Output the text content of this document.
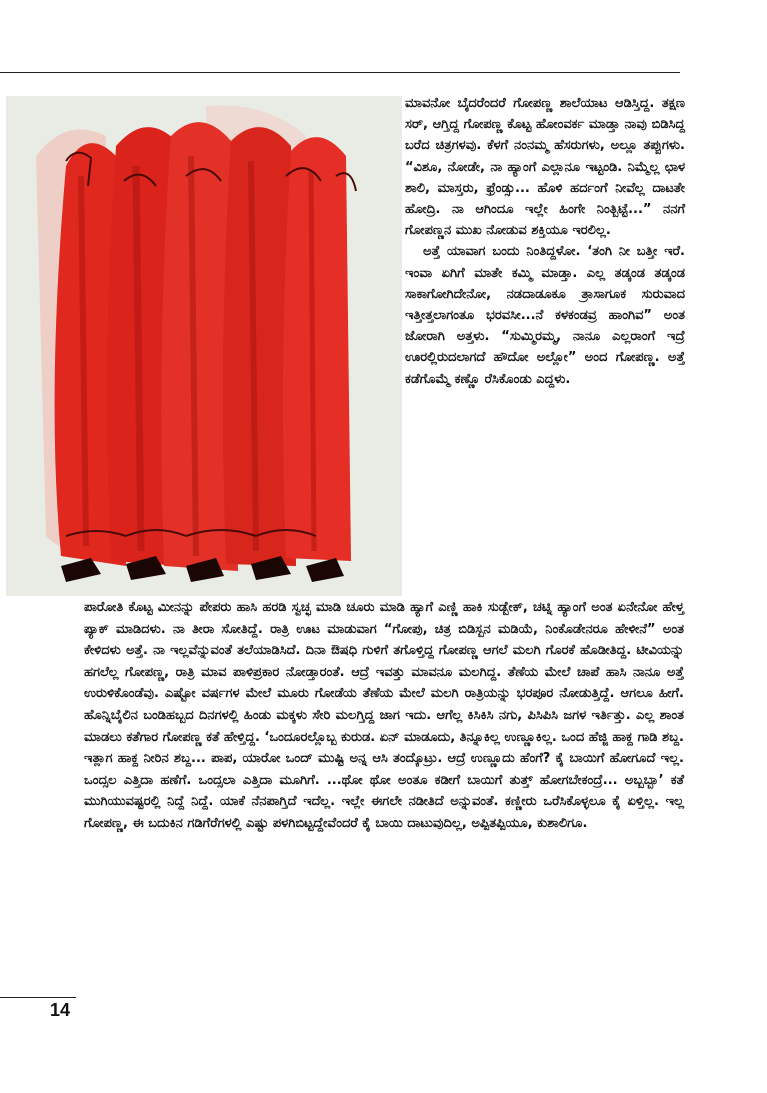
ಮಾವನೋ ಬೈದರೆಂದರೆ ಗೋಪಣ್ಣ ಶಾಲೆಯಾಟ ಆಡಿಸ್ತಿದ್ದ. ತಕ್ಷಣ ಸರ್, ಆಗ್ತಿದ್ದ ಗೋಪಣ್ಣ ಕೊಟ್ಟ ಹೋಂವರ್ಕ ಮಾಡ್ತಾ ನಾವು ಬಿಡಿಸಿದ್ದ ಬರೆದ ಚಿತ್ರಗಳವು. ಕೆಳಗೆ ನಂನಮ್ಮ ಹೆಸರುಗಳು, ಅಲ್ಲೂ ತಪ್ಪುಗಳು. “ವಿಶೂ, ನೋಡೇ, ನಾ ಹ್ಯಾಂಗೆ ಎಲ್ಲಾನೂ ಇಟ್ಟಂಡಿ. ನಿಮ್ಮೆಲ್ಲ ಛಾಳ ಶಾಲಿ, ಮಾಸ್ತರು, ಫ್ರೆಂಡ್ಸು... ಹೊಳಿ ಹರ್ದಂಗೆ ನೀವೆಲ್ಲ ದಾಟತೇ ಹೋದ್ರಿ. ನಾ ಆಗಿಂದೂ ಇಲ್ಲೇ ಹಿಂಗೇ ನಿಂತ್ಬಿಟ್ಟೆ...” ನನಗೆ ಗೋಪಣ್ಣನ ಮುಖ ನೋಡುವ ಶಕ್ತಿಯೂ ಇರಲಿಲ್ಲ.

ಅತ್ತೆ ಯಾವಾಗ ಬಂದು ನಿಂತಿದ್ದಳೋ. ‘ತಂಗಿ ನೀ ಬತ್ತೀ ಇರೆ. ಇಂವಾ ಏಗಿಗೆ ಮಾತೇ ಕಮ್ಮಿ ಮಾಡ್ತಾ. ಎಲ್ಲ ತಡ್ಕಂಡ ತಡ್ಕಂಡ ಸಾಕಾಗೋಗಿದೇನೋ, ನಡದಾಡೂಕೂ ತ್ರಾಸಾಗೂಕ ಸುರುವಾದ ಇತ್ತೀತ್ತಲಾಗಂತೂ ಭರವಸೀ...ನೆ ಕಳಕಂಡವ್ರ ಹಾಂಗಿವ” ಅಂತ ಜೋರಾಗಿ ಅತ್ತಳು. “ಸುಮ್ಮಿರಮ್ಮ, ನಾನೂ ಎಲ್ಲರಾಂಗೆ ಇದ್ರೆ ಊರಲ್ಲಿರುದಲಾಗದೆ ಹೌದೋ ಅಲ್ಲೋ” ಅಂದ ಗೋಪಣ್ಣ. ಅತ್ತೆ ಕಡೆಗೊಮ್ಮೆ ಕಣ್ಣೊ ರೆಸಿಕೊಂಡು ಎದ್ದಳು.

ಪಾರೋತಿ ಕೊಟ್ಟ ಮೀನನ್ನು ಪೇಪರು ಹಾಸಿ ಹರಡಿ ಸ್ವಚ್ಛ ಮಾಡಿ ಚೂರು ಮಾಡಿ ಹ್ಯಾಗೆ ಎಣ್ಣಿ ಹಾಕಿ ಸುಡ್ಬೇಕ್, ಚಟ್ನಿ ಹ್ಯಾಂಗೆ ಅಂತ ಏನೇನೋ ಹೇಳ್ತ ಪ್ಯಾಕ್ ಮಾಡಿದಳು. ನಾ ತೀರಾ ಸೋತಿದ್ದೆ. ರಾತ್ರಿ ಊಟ ಮಾಡುವಾಗ “ಗೋಪು, ಚಿತ್ರ ಬಿಡಿಸ್ಬನ ಮಡಿಯೆ, ನಿಂಕೊಡೇನರೂ ಹೇಳೀನೆ” ಅಂತ ಕೇಳಿದಳು ಅತ್ತೆ. ನಾ ಇಲ್ಲವೆನ್ನುವಂತೆ ತಲೆಯಾಡಿಸಿದೆ. ದಿನಾ ಔಷಧಿ ಗುಳಿಗೆ ತಗೊಳ್ತಿದ್ದ ಗೋಪಣ್ಣ ಆಗಲೆ ಮಲಗಿ ಗೊರಕೆ ಹೊಡೀತಿದ್ದ. ಟೀವಿಯನ್ನು ಹಗಲೆಲ್ಲ ಗೋಪಣ್ಣ, ರಾತ್ರಿ ಮಾವ ಪಾಳಿಪ್ರಕಾರ ನೋಡ್ತಾರಂತೆ. ಆದ್ರೆ ಇವತ್ತು ಮಾವನೂ ಮಲಗಿದ್ದ. ತೆಣೆಯ ಮೇಲೆ ಚಾಪೆ ಹಾಸಿ ನಾನೂ ಅತ್ತೆ ಉರುಳಿಕೊಂಡೆವು. ಎಷ್ಟೋ ವರ್ಷಗಳ ಮೇಲೆ ಮೂರು ಗೋಡೆಯ ತೆಣೆಯ ಮೇಲೆ ಮಲಗಿ ರಾತ್ರಿಯನ್ನು ಭರಪೂರ ನೋಡುತ್ತಿದ್ದೆ. ಆಗಲೂ ಹೀಗೆ. ಹೊನ್ನಿಬೈಲಿನ ಬಂಡಿಹಬ್ಬದ ದಿನಗಳಲ್ಲಿ ಹಿಂಡು ಮಕ್ಕಳು ಸೇರಿ ಮಲಗ್ತಿದ್ದ ಜಾಗ ಇದು. ಆಗೆಲ್ಲ ಕಿಸಿಕಿಸಿ ನಗು, ಪಿಸಿಪಿಸಿ ಜಗಳ ಇರ್ತಿತ್ತು. ಎಲ್ಲ ಶಾಂತ ಮಾಡಲು ಕತೆಗಾರ ಗೋಪಣ್ಣ ಕತೆ ಹೇಳ್ತಿದ್ದ. ‘ಒಂದೂರಲ್ಲೊಬ್ಬ ಕುರುಡ. ಏನ್ ಮಾಡೂದು, ತಿನ್ನೂಕಿಲ್ಲ ಉಣ್ಣೂಕಿಲ್ಲ. ಒಂದ ಹೆಜ್ಜಿ ಹಾಕ್ದ ಗಾಡಿ ಶಬ್ದ. ಇತ್ಲಾಗ ಹಾಕ್ದ ನೀರಿನ ಶಬ್ದ... ಪಾಪ, ಯಾರೋ ಒಂದ್ ಮುಷ್ಟಿ ಅನ್ನ ಆಸಿ ತಂದ್ಕೊಟ್ರು. ಆದ್ರೆ ಉಣ್ಣೂದು ಹೆಂಗೆ? ಕೈ ಬಾಯಿಗೆ ಹೋಗೂದೆ ಇಲ್ಲ. ಒಂದ್ಸಲ ಎತ್ತಿದಾ ಹಣೆಗೆ. ಒಂದ್ಸಲಾ ಎತ್ತಿದಾ ಮೂಗಿಗೆ. ...ಥೋ ಥೋ ಅಂತೂ ಕಡೀಗೆ ಬಾಯಿಗೆ ತುತ್ತ್ ಹೋಗಬೇಕಂದ್ರೆ... ಅಬ್ಬಬ್ಬಾ’ ಕತೆ ಮುಗಿಯುವಷ್ಟರಲ್ಲಿ ನಿದ್ದೆ ನಿದ್ದೆ. ಯಾಕೆ ನೆನಪಾಗ್ತಿದೆ ಇದೆಲ್ಲ. ಇಲ್ಲೇ ಈಗಲೇ ನಡೀತಿದೆ ಅನ್ನುವಂತೆ. ಕಣ್ಣೀರು ಒರೆಸಿಕೊಳ್ಳಲೂ ಕೈ ಏಳ್ತಿಲ್ಲ. ಇಲ್ಲ ಗೋಪಣ್ಣ, ಈ ಬದುಕಿನ ಗಡಿಗೆರೆಗಳಲ್ಲಿ ಎಷ್ಟು ಪಳಗಿಬಿಟ್ಟದ್ದೇವೆಂದರೆ ಕೈ ಬಾಯಿ ದಾಟುವುದಿಲ್ಲ, ಅಪ್ಪಿತಪ್ಪಿಯೂ, ಕುಶಾಲಿಗೂ.

14
